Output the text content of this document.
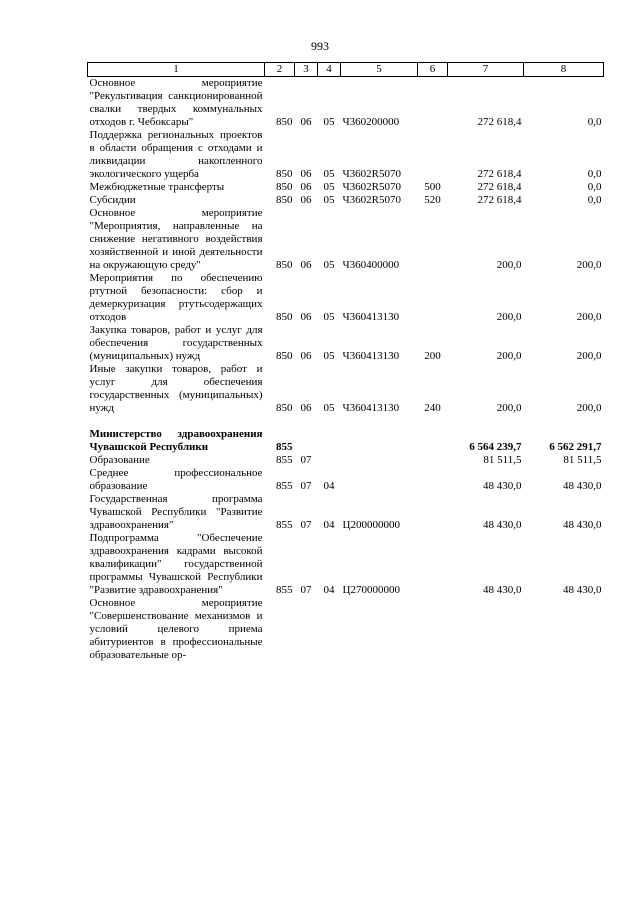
993
1	2	3	4	5	6	7	8
Основное мероприятие "Рекультивация санкционированной свалки твердых коммунальных отходов г. Чебоксары"	850	06	05	Ч360200000		272 618,4	0,0
Поддержка региональных проектов в области обращения с отходами и ликвидации накопленного экологического ущерба	850	06	05	Ч3602R5070		272 618,4	0,0
Межбюджетные трансферты	850	06	05	Ч3602R5070	500	272 618,4	0,0
Субсидии	850	06	05	Ч3602R5070	520	272 618,4	0,0
Основное мероприятие "Мероприятия, направленные на снижение негативного воздействия хозяйственной и иной деятельности на окружающую среду"	850	06	05	Ч360400000		200,0	200,0
Мероприятия по обеспечению ртутной безопасности: сбор и демеркуризация ртутьсодержащих отходов	850	06	05	Ч360413130		200,0	200,0
Закупка товаров, работ и услуг для обеспечения государственных (муниципальных) нужд	850	06	05	Ч360413130	200	200,0	200,0
Иные закупки товаров, работ и услуг для обеспечения государственных (муниципальных) нужд	850	06	05	Ч360413130	240	200,0	200,0

Министерство здравоохранения Чувашской Республики	855					6 564 239,7	6 562 291,7
Образование	855	07				81 511,5	81 511,5
Среднее профессиональное образование	855	07	04			48 430,0	48 430,0
Государственная программа Чувашской Республики "Развитие здравоохранения"	855	07	04	Ц200000000		48 430,0	48 430,0
Подпрограмма "Обеспечение здравоохранения кадрами высокой квалификации" государственной программы Чувашской Республики "Развитие здравоохранения"	855	07	04	Ц270000000		48 430,0	48 430,0
Основное мероприятие "Совершенствование механизмов и условий целевого приема абитуриентов в профессиональные образовательные ор-							
